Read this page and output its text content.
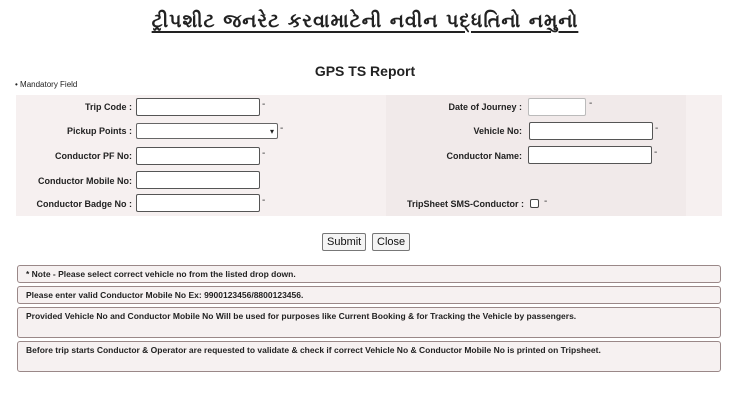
ટ્રીપશીટ જનરેટ કરવામાટેની નવીન પદ્ધતિનો નમુનો
GPS TS Report
• Mandatory Field
Trip Code :	-
Pickup Points :	▾ -
Conductor PF No:	-
Conductor Mobile No:
Conductor Badge No :	-
Date of Journey :	-
Vehicle No:	-
Conductor Name:	-
TripSheet SMS-Conductor : -
Submit	Close
* Note - Please select correct vehicle no from the listed drop down.
Please enter valid Conductor Mobile No Ex: 9900123456/8800123456.
Provided Vehicle No and Conductor Mobile No Will be used for purposes like Current Booking & for Tracking the Vehicle by passengers.
Before trip starts Conductor & Operator are requested to validate & check if correct Vehicle No & Conductor Mobile No is printed on Tripsheet.
